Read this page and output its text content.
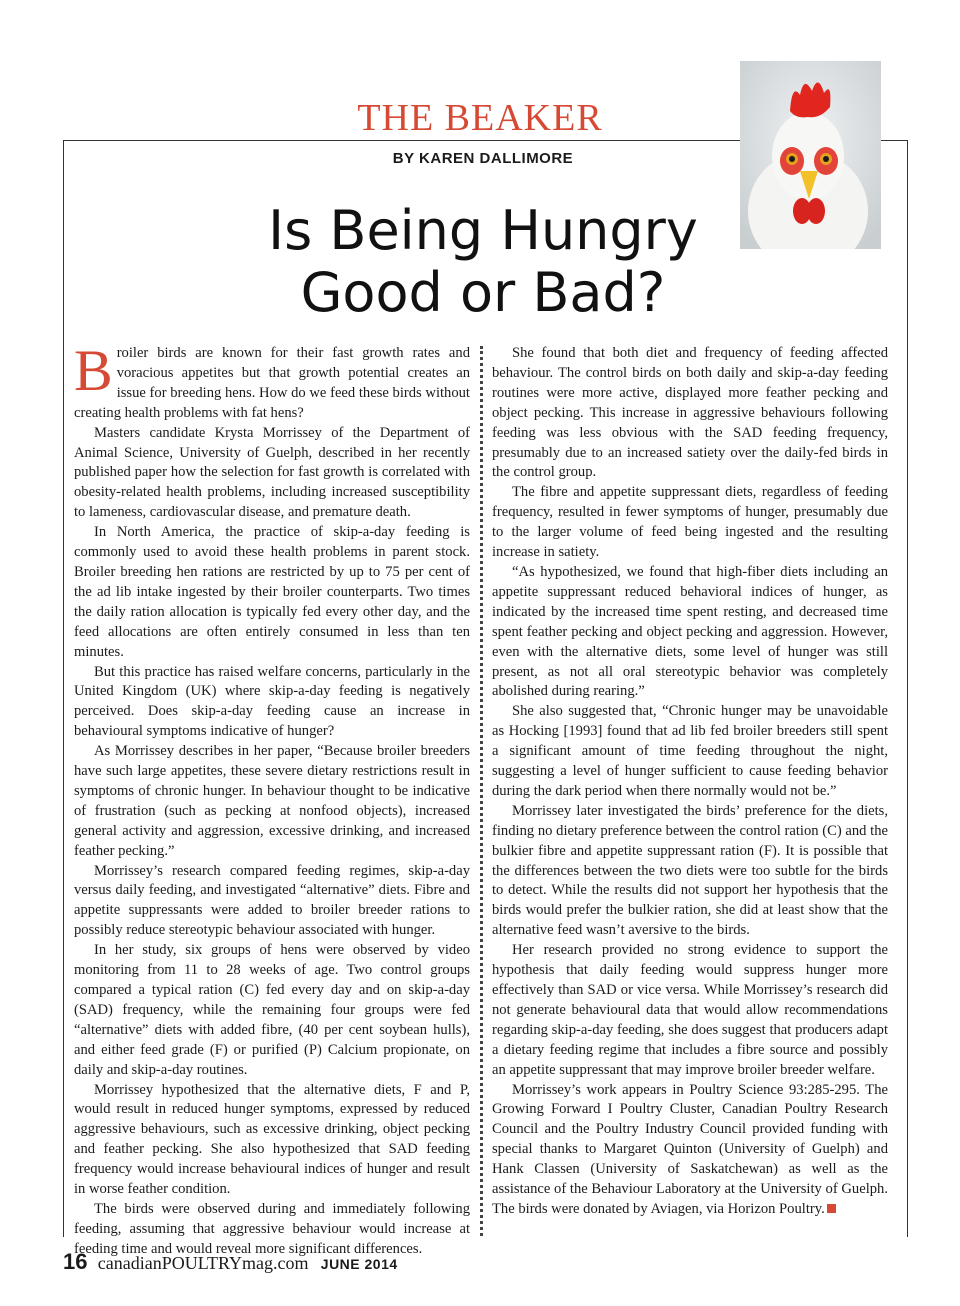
THE BEAKER
BY KAREN DALLIMORE
Is Being Hungry
Good or Bad?

Broiler birds are known for their fast growth rates and voracious appetites but that growth potential creates an issue for breeding hens. How do we feed these birds without creating health problems with fat hens?

Masters candidate Krysta Morrissey of the Department of Animal Science, University of Guelph, described in her recently published paper how the selection for fast growth is correlated with obesity-related health problems, including increased susceptibility to lameness, cardiovascular disease, and premature death.

In North America, the practice of skip-a-day feeding is commonly used to avoid these health problems in parent stock. Broiler breeding hen rations are restricted by up to 75 per cent of the ad lib intake ingested by their broiler counterparts. Two times the daily ration allocation is typically fed every other day, and the feed allocations are often entirely consumed in less than ten minutes.

But this practice has raised welfare concerns, particularly in the United Kingdom (UK) where skip-a-day feeding is negatively perceived. Does skip-a-day feeding cause an increase in behavioural symptoms indicative of hunger?

As Morrissey describes in her paper, “Because broiler breeders have such large appetites, these severe dietary restrictions result in symptoms of chronic hunger. In behaviour thought to be indicative of frustration (such as pecking at nonfood objects), increased general activity and aggression, excessive drinking, and increased feather pecking.”

Morrissey’s research compared feeding regimes, skip-a-day versus daily feeding, and investigated “alternative” diets. Fibre and appetite suppressants were added to broiler breeder rations to possibly reduce stereotypic behaviour associated with hunger.

In her study, six groups of hens were observed by video monitoring from 11 to 28 weeks of age. Two control groups compared a typical ration (C) fed every day and on skip-a-day (SAD) frequency, while the remaining four groups were fed “alternative” diets with added fibre, (40 per cent soybean hulls), and either feed grade (F) or purified (P) Calcium propionate, on daily and skip-a-day routines.

Morrissey hypothesized that the alternative diets, F and P, would result in reduced hunger symptoms, expressed by reduced aggressive behaviours, such as excessive drinking, object pecking and feather pecking. She also hypothesized that SAD feeding frequency would increase behavioural indices of hunger and result in worse feather condition.

The birds were observed during and immediately following feeding, assuming that aggressive behaviour would increase at feeding time and would reveal more significant differences.

She found that both diet and frequency of feeding affected behaviour. The control birds on both daily and skip-a-day feeding routines were more active, displayed more feather pecking and object pecking. This increase in aggressive behaviours following feeding was less obvious with the SAD feeding frequency, presumably due to an increased satiety over the daily-fed birds in the control group.

The fibre and appetite suppressant diets, regardless of feeding frequency, resulted in fewer symptoms of hunger, presumably due to the larger volume of feed being ingested and the resulting increase in satiety.

“As hypothesized, we found that high-fiber diets including an appetite suppressant reduced behavioral indices of hunger, as indicated by the increased time spent resting, and decreased time spent feather pecking and object pecking and aggression. However, even with the alternative diets, some level of hunger was still present, as not all oral stereotypic behavior was completely abolished during rearing.”

She also suggested that, “Chronic hunger may be unavoidable as Hocking [1993] found that ad lib fed broiler breeders still spent a significant amount of time feeding throughout the night, suggesting a level of hunger sufficient to cause feeding behavior during the dark period when there normally would not be.”

Morrissey later investigated the birds’ preference for the diets, finding no dietary preference between the control ration (C) and the bulkier fibre and appetite suppressant ration (F). It is possible that the differences between the two diets were too subtle for the birds to detect. While the results did not support her hypothesis that the birds would prefer the bulkier ration, she did at least show that the alternative feed wasn’t aversive to the birds.

Her research provided no strong evidence to support the hypothesis that daily feeding would suppress hunger more effectively than SAD or vice versa. While Morrissey’s research did not generate behavioural data that would allow recommendations regarding skip-a-day feeding, she does suggest that producers adapt a dietary feeding regime that includes a fibre source and possibly an appetite suppressant that may improve broiler breeder welfare.

Morrissey’s work appears in Poultry Science 93:285-295. The Growing Forward I Poultry Cluster, Canadian Poultry Research Council and the Poultry Industry Council provided funding with special thanks to Margaret Quinton (University of Guelph) and Hank Classen (University of Saskatchewan) as well as the assistance of the Behaviour Laboratory at the University of Guelph. The birds were donated by Aviagen, via Horizon Poultry.

16 canadianPOULTRYmag.com JUNE 2014
